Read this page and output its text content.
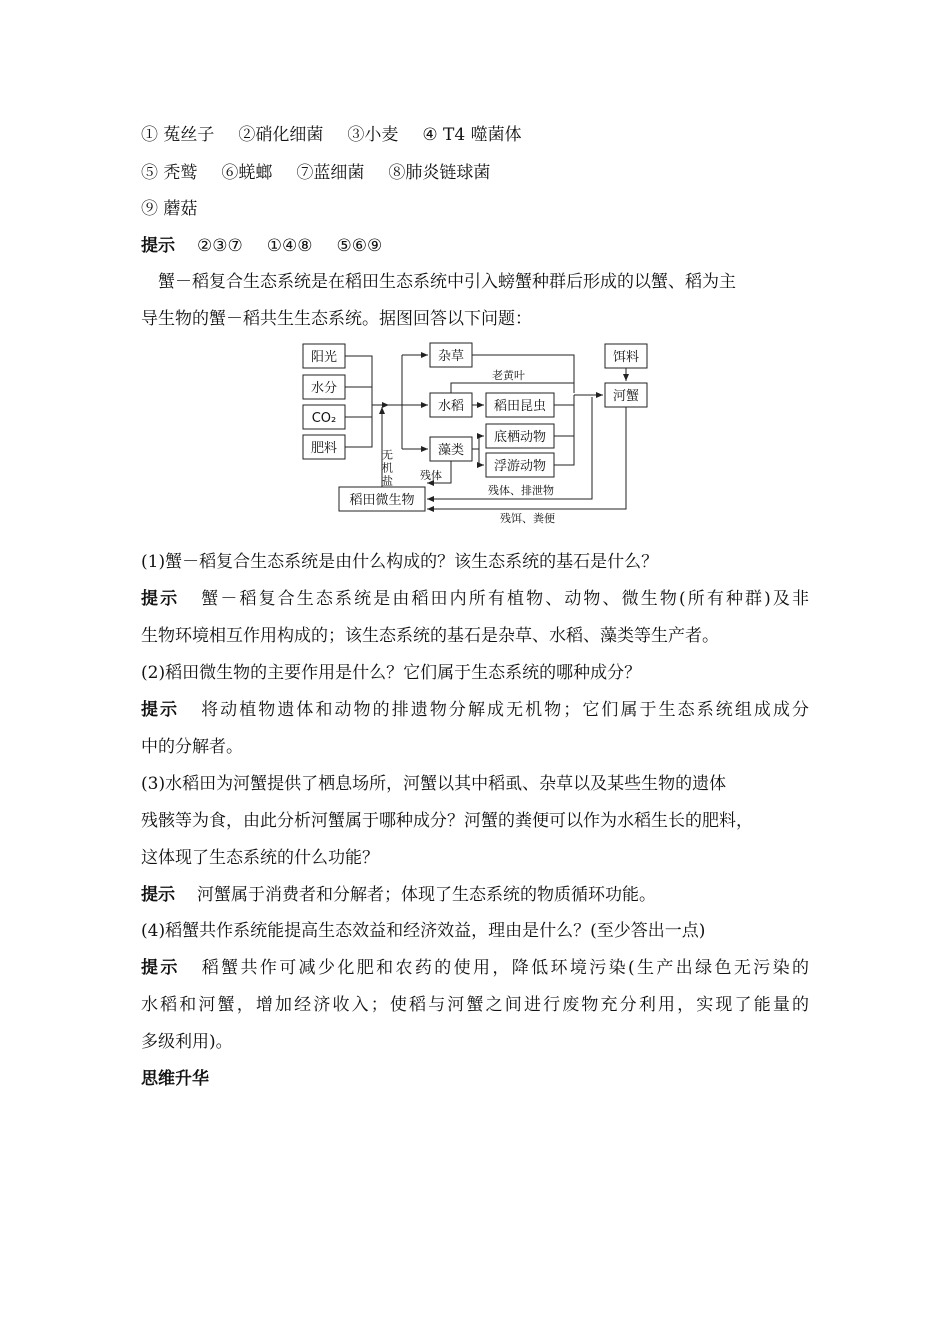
① 菟丝子 ②硝化细菌 ③小麦 ④ T4 噬菌体
⑤ 秃鹫 ⑥蜣螂 ⑦蓝细菌 ⑧肺炎链球菌
⑨ 蘑菇
提示 ②③⑦ ①④⑧ ⑤⑥⑨
蟹－稻复合生态系统是在稻田生态系统中引入螃蟹种群后形成的以蟹、稻为主
导生物的蟹－稻共生生态系统。据图回答以下问题：
阳光
水分
CO₂
肥料
杂草
水稻
藻类
稻田昆虫
底栖动物
浮游动物
饵料
河蟹
稻田微生物
老黄叶
无机盐 残体
残体、排泄物
残饵、粪便
(1)蟹－稻复合生态系统是由什么构成的？该生态系统的基石是什么？
提示 蟹－稻复合生态系统是由稻田内所有植物、动物、微生物(所有种群)及非
生物环境相互作用构成的；该生态系统的基石是杂草、水稻、藻类等生产者。
(2)稻田微生物的主要作用是什么？它们属于生态系统的哪种成分？
提示 将动植物遗体和动物的排遗物分解成无机物；它们属于生态系统组成成分
中的分解者。
(3)水稻田为河蟹提供了栖息场所，河蟹以其中稻虱、杂草以及某些生物的遗体
残骸等为食，由此分析河蟹属于哪种成分？河蟹的粪便可以作为水稻生长的肥料，
这体现了生态系统的什么功能？
提示 河蟹属于消费者和分解者；体现了生态系统的物质循环功能。
(4)稻蟹共作系统能提高生态效益和经济效益，理由是什么？(至少答出一点)
提示 稻蟹共作可减少化肥和农药的使用，降低环境污染(生产出绿色无污染的
水稻和河蟹，增加经济收入；使稻与河蟹之间进行废物充分利用，实现了能量的
多级利用)。
思维升华
